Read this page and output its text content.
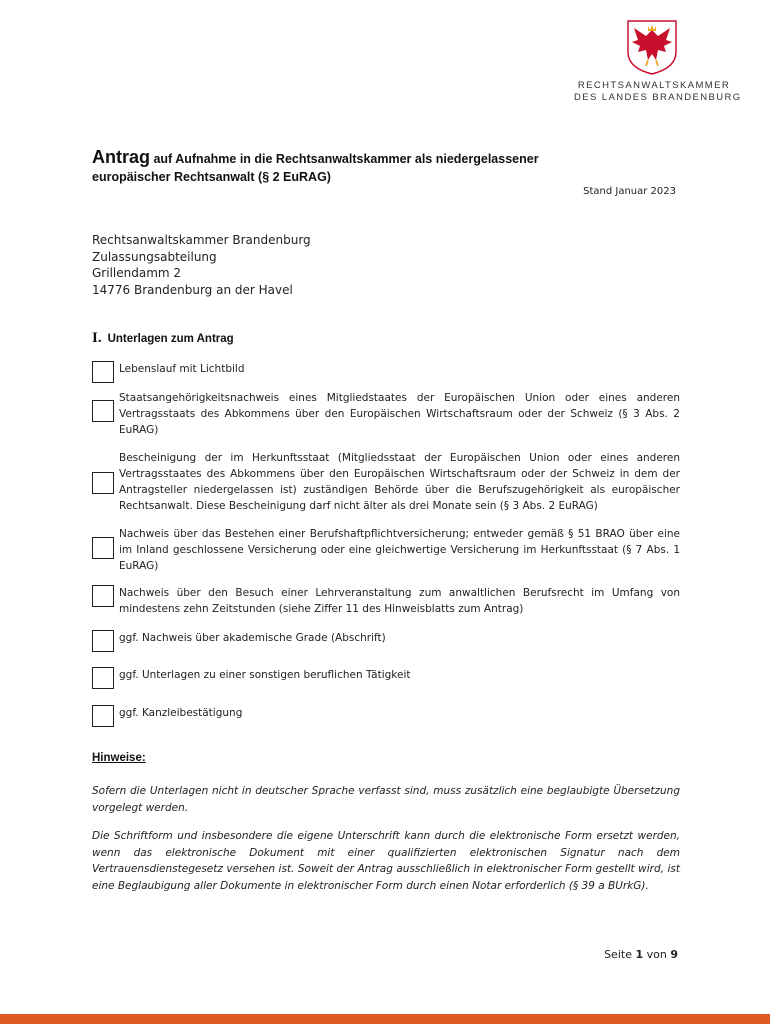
RECHTSANWALTSKAMMER
DES LANDES BRANDENBURG
Antrag auf Aufnahme in die Rechtsanwaltskammer als niedergelassener
europäischer Rechtsanwalt (§ 2 EuRAG)
Stand Januar 2023
Rechtsanwaltskammer Brandenburg
Zulassungsabteilung
Grillendamm 2
14776 Brandenburg an der Havel
I. Unterlagen zum Antrag
Lebenslauf mit Lichtbild
Staatsangehörigkeitsnachweis eines Mitgliedstaates der Europäischen Union oder eines anderen Vertragsstaats des Abkommens über den Europäischen Wirtschaftsraum oder der Schweiz (§ 3 Abs. 2 EuRAG)
Bescheinigung der im Herkunftsstaat (Mitgliedsstaat der Europäischen Union oder eines anderen Vertragsstaates des Abkommens über den Europäischen Wirtschaftsraum oder der Schweiz in dem der Antragsteller niedergelassen ist) zuständigen Behörde über die Berufszugehörigkeit als europäischer Rechtsanwalt. Diese Bescheinigung darf nicht älter als drei Monate sein (§ 3 Abs. 2 EuRAG)
Nachweis über das Bestehen einer Berufshaftpflichtversicherung; entweder gemäß § 51 BRAO über eine im Inland geschlossene Versicherung oder eine gleichwertige Versicherung im Herkunftsstaat (§ 7 Abs. 1 EuRAG)
Nachweis über den Besuch einer Lehrveranstaltung zum anwaltlichen Berufsrecht im Umfang von mindestens zehn Zeitstunden (siehe Ziffer 11 des Hinweisblatts zum Antrag)
ggf. Nachweis über akademische Grade (Abschrift)
ggf. Unterlagen zu einer sonstigen beruflichen Tätigkeit
ggf. Kanzleibestätigung
Hinweise:
Sofern die Unterlagen nicht in deutscher Sprache verfasst sind, muss zusätzlich eine beglaubigte Übersetzung vorgelegt werden.
Die Schriftform und insbesondere die eigene Unterschrift kann durch die elektronische Form ersetzt werden, wenn das elektronische Dokument mit einer qualifizierten elektronischen Signatur nach dem Vertrauensdienstegesetz versehen ist. Soweit der Antrag ausschließlich in elektronischer Form gestellt wird, ist eine Beglaubigung aller Dokumente in elektronischer Form durch einen Notar erforderlich (§ 39 a BUrkG).
Seite 1 von 9
